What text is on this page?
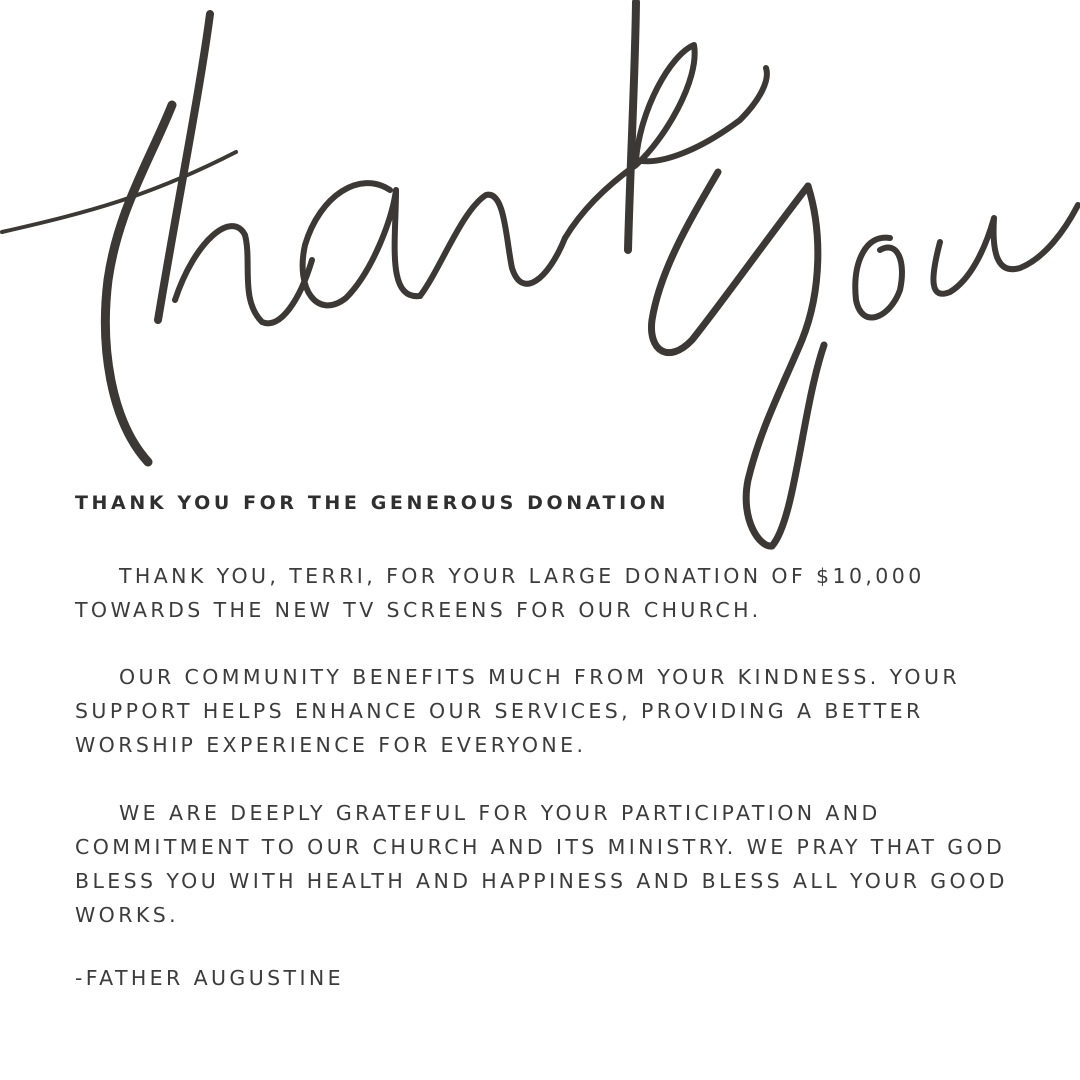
THANK YOU FOR THE GENEROUS DONATION

THANK YOU, TERRI, FOR YOUR LARGE DONATION OF $10,000 TOWARDS THE NEW TV SCREENS FOR OUR CHURCH.

OUR COMMUNITY BENEFITS MUCH FROM YOUR KINDNESS. YOUR SUPPORT HELPS ENHANCE OUR SERVICES, PROVIDING A BETTER WORSHIP EXPERIENCE FOR EVERYONE.

WE ARE DEEPLY GRATEFUL FOR YOUR PARTICIPATION AND COMMITMENT TO OUR CHURCH AND ITS MINISTRY. WE PRAY THAT GOD BLESS YOU WITH HEALTH AND HAPPINESS AND BLESS ALL YOUR GOOD WORKS.

-FATHER AUGUSTINE
